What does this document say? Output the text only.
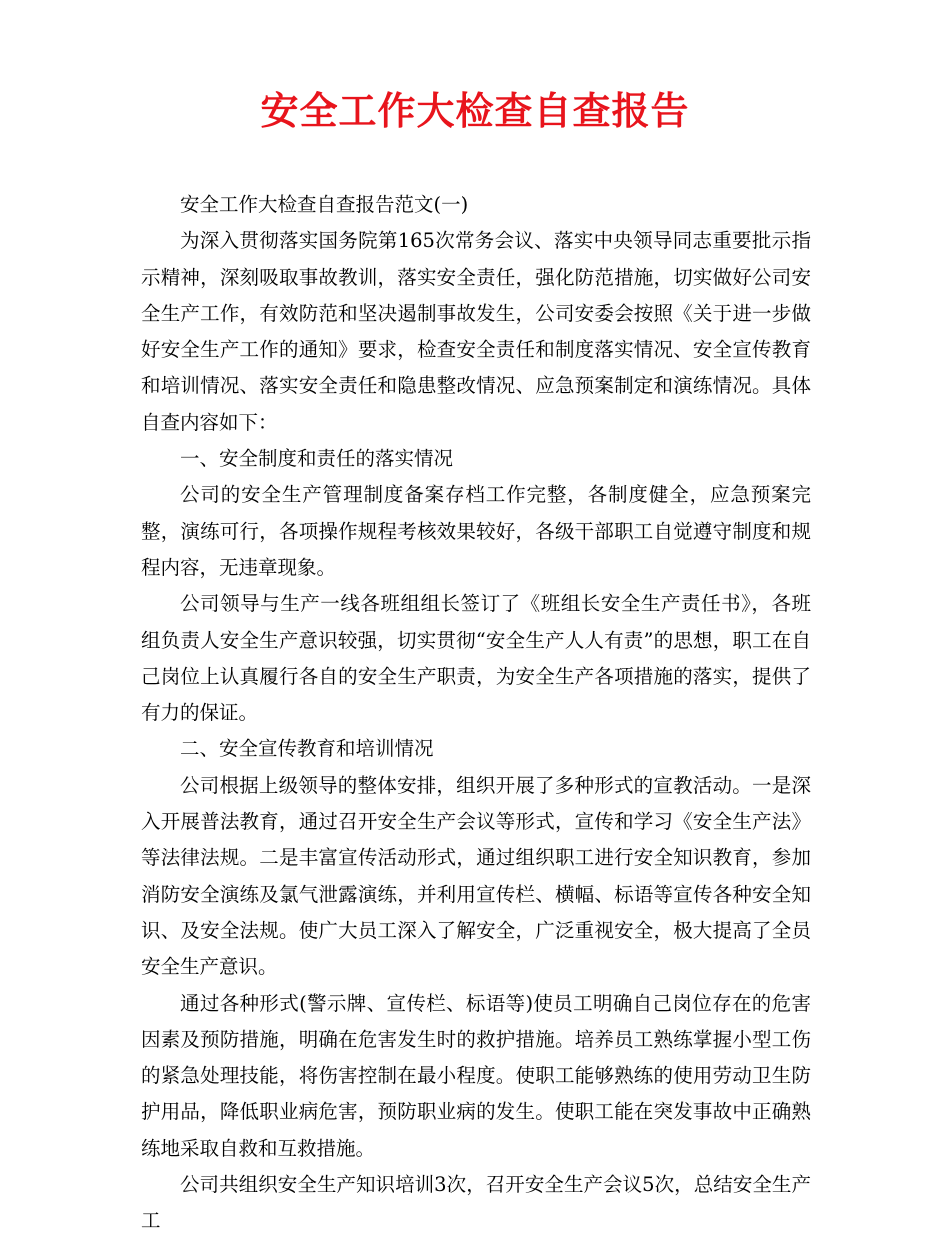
安全工作大检查自查报告

安全工作大检查自查报告范文(一)

为深入贯彻落实国务院第165次常务会议、落实中央领导同志重要批示指示精神，深刻吸取事故教训，落实安全责任，强化防范措施，切实做好公司安全生产工作，有效防范和坚决遏制事故发生，公司安委会按照《关于进一步做好安全生产工作的通知》要求，检查安全责任和制度落实情况、安全宣传教育和培训情况、落实安全责任和隐患整改情况、应急预案制定和演练情况。具体自查内容如下：

一、安全制度和责任的落实情况

公司的安全生产管理制度备案存档工作完整，各制度健全，应急预案完整，演练可行，各项操作规程考核效果较好，各级干部职工自觉遵守制度和规程内容，无违章现象。

公司领导与生产一线各班组组长签订了《班组长安全生产责任书》，各班组负责人安全生产意识较强，切实贯彻“安全生产人人有责”的思想，职工在自己岗位上认真履行各自的安全生产职责，为安全生产各项措施的落实，提供了有力的保证。

二、安全宣传教育和培训情况

公司根据上级领导的整体安排，组织开展了多种形式的宣教活动。一是深入开展普法教育，通过召开安全生产会议等形式，宣传和学习《安全生产法》等法律法规。二是丰富宣传活动形式，通过组织职工进行安全知识教育，参加消防安全演练及氯气泄露演练，并利用宣传栏、横幅、标语等宣传各种安全知识、及安全法规。使广大员工深入了解安全，广泛重视安全，极大提高了全员安全生产意识。

通过各种形式(警示牌、宣传栏、标语等)使员工明确自己岗位存在的危害因素及预防措施，明确在危害发生时的救护措施。培养员工熟练掌握小型工伤的紧急处理技能，将伤害控制在最小程度。使职工能够熟练的使用劳动卫生防护用品，降低职业病危害，预防职业病的发生。使职工能在突发事故中正确熟练地采取自救和互救措施。

公司共组织安全生产知识培训3次，召开安全生产会议5次，总结安全生产工
